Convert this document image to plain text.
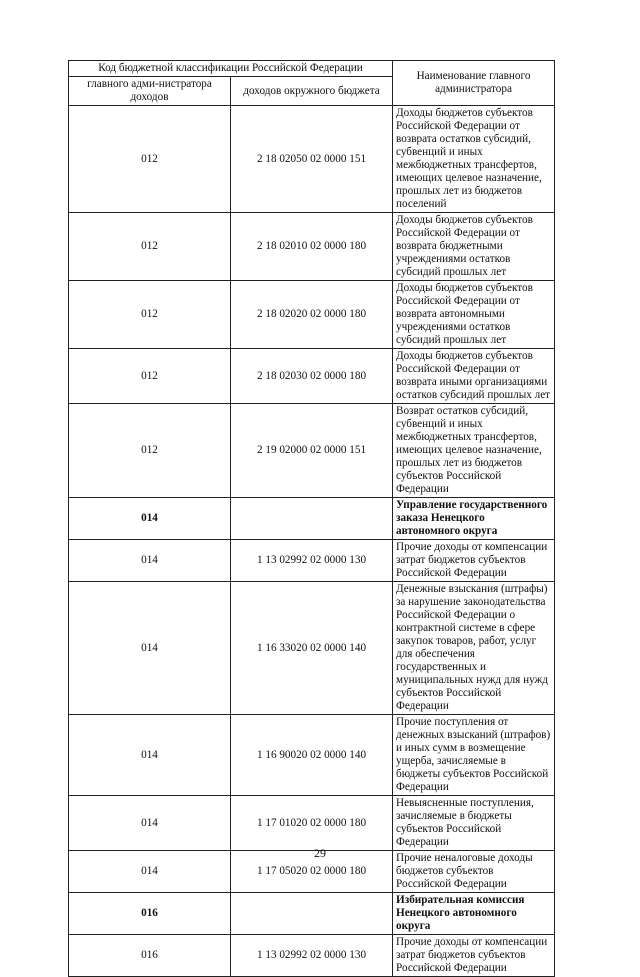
Код бюджетной классификации Российской Федерации		Наименование главного администратора
главного адми-нистратора доходов	доходов окружного бюджета	
012	2 18 02050 02 0000 151	Доходы бюджетов субъектов Российской Федерации от возврата остатков субсидий, субвенций и иных межбюджетных трансфертов, имеющих целевое назначение, прошлых лет из бюджетов поселений
012	2 18 02010 02 0000 180	Доходы бюджетов субъектов Российской Федерации от возврата бюджетными учреждениями остатков субсидий прошлых лет
012	2 18 02020 02 0000 180	Доходы бюджетов субъектов Российской Федерации от возврата автономными учреждениями остатков субсидий прошлых лет
012	2 18 02030 02 0000 180	Доходы бюджетов субъектов Российской Федерации от возврата иными организациями остатков субсидий прошлых лет
012	2 19 02000 02 0000 151	Возврат остатков субсидий, субвенций и иных межбюджетных трансфертов, имеющих целевое назначение, прошлых лет из бюджетов субъектов Российской Федерации
014		Управление государственного заказа Ненецкого автономного округа
014	1 13 02992 02 0000 130	Прочие доходы от компенсации затрат бюджетов субъектов Российской Федерации
014	1 16 33020 02 0000 140	Денежные взыскания (штрафы) за нарушение законодательства Российской Федерации о контрактной системе в сфере закупок товаров, работ, услуг для обеспечения государственных и муниципальных нужд для нужд субъектов Российской Федерации
014	1 16 90020 02 0000 140	Прочие поступления от денежных взысканий (штрафов) и иных сумм в возмещение ущерба, зачисляемые в бюджеты субъектов Российской Федерации
014	1 17 01020 02 0000 180	Невыясненные поступления, зачисляемые в бюджеты субъектов Российской Федерации
014	1 17 05020 02 0000 180	Прочие неналоговые доходы бюджетов субъектов Российской Федерации
016		Избирательная комиссия Ненецкого автономного округа
016	1 13 02992 02 0000 130	Прочие доходы от компенсации затрат бюджетов субъектов Российской Федерации
29
